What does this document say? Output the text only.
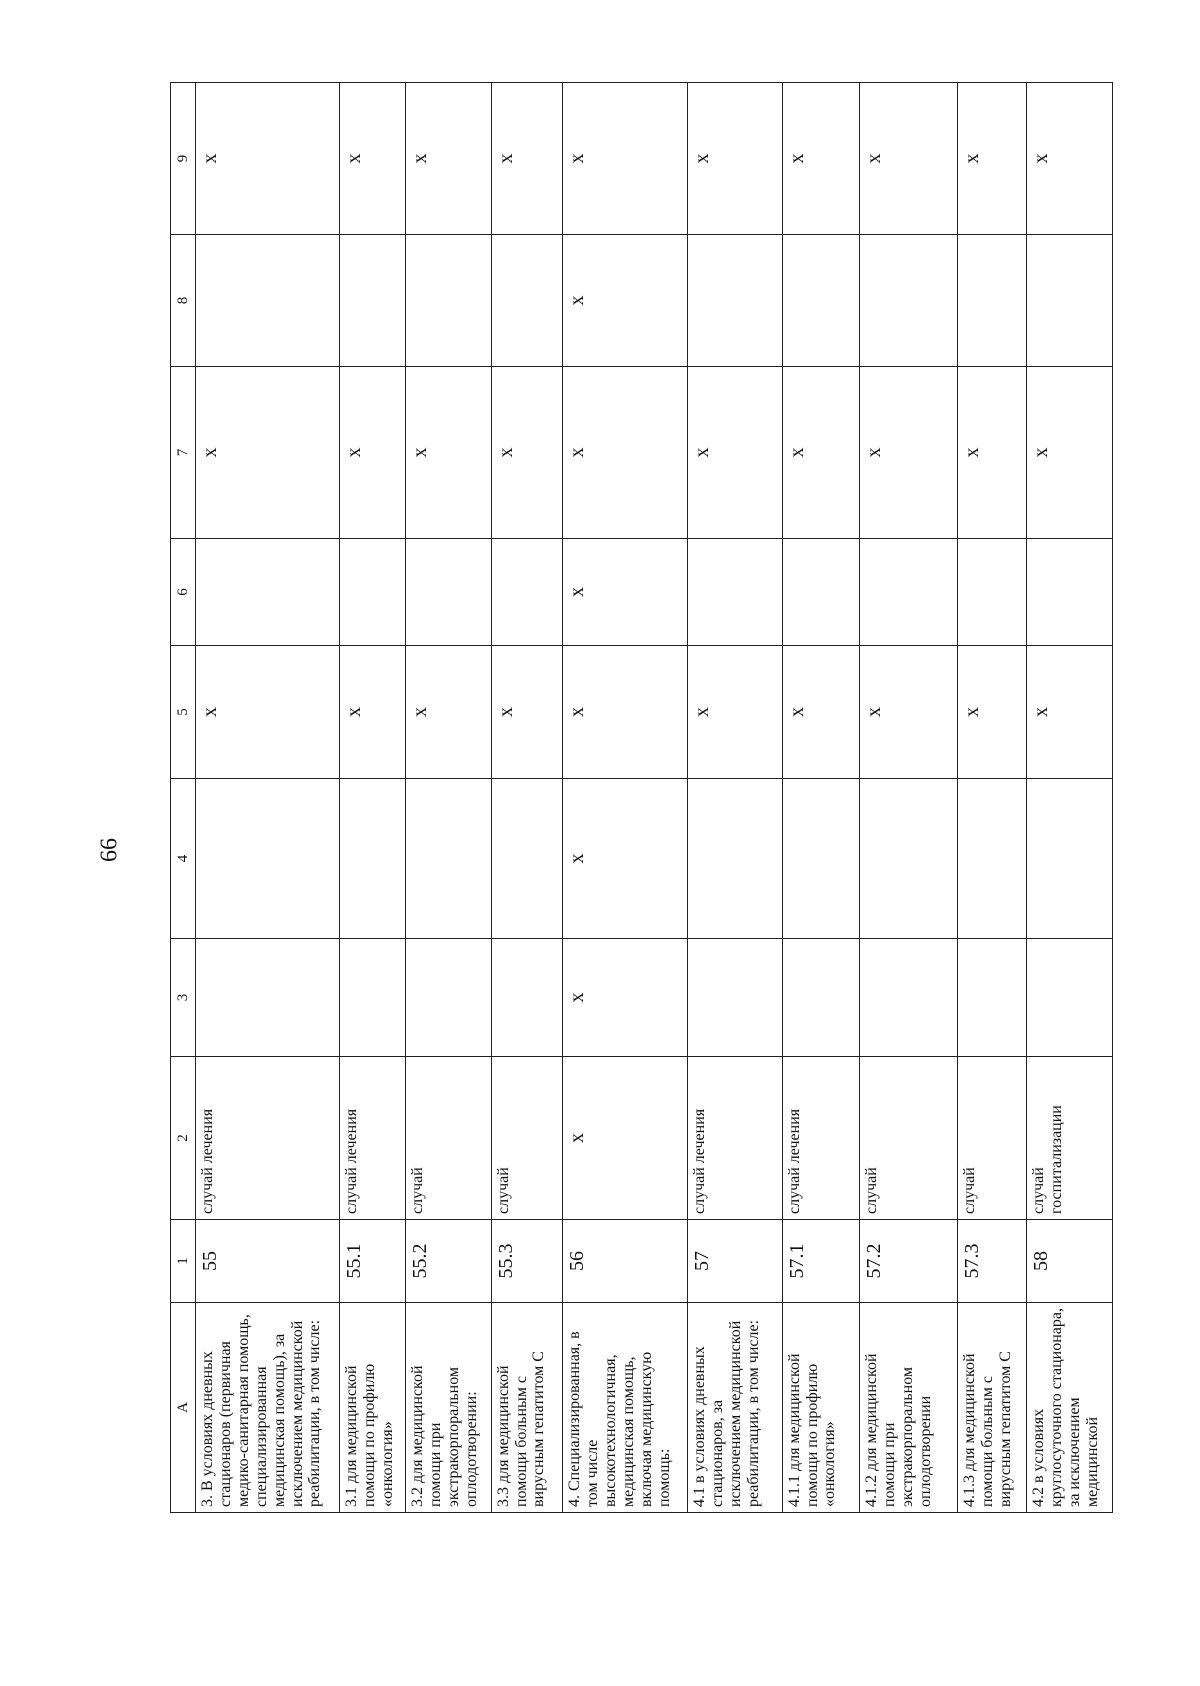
66
A	1	2	3	4	5	6	7	8	9
3. В условиях дневных стационаров (первичная медико-санитарная помощь, специализированная медицинская помощь), за исключением медицинской реабилитации, в том числе:	55	случай лечения			х		х		х
3.1 для медицинской помощи по профилю «онкология»	55.1	случай лечения			х		х		х
3.2 для медицинской помощи при экстракорпоральном оплодотворении:	55.2	случай			х		х		х
3.3 для медицинской помощи больным с вирусным гепатитом С	55.3	случай			х		х		х
4. Специализированная, в том числе высокотехнологичная, медицинская помощь, включая медицинскую помощь:	56	х	х	х	х	х	х	х	х
4.1 в условиях дневных стационаров, за исключением медицинской реабилитации, в том числе:	57	случай лечения			х		х		х
4.1.1 для медицинской помощи по профилю «онкология»	57.1	случай лечения			х		х		х
4.1.2 для медицинской помощи при экстракорпоральном оплодотворении	57.2	случай			х		х		х
4.1.3 для медицинской помощи больным с вирусным гепатитом С	57.3	случай			х		х		х
4.2 в условиях круглосуточного стационара, за исключением медицинской	58	случай госпитализации			х		х		х
